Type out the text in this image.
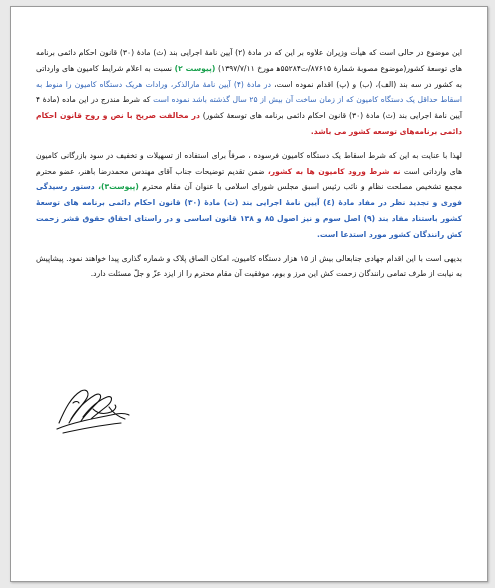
این موضوع در حالی است که هیأت وزیران علاوه بر این که در مادهٔ (۲) آیین نامهٔ اجرایی بند (ث) مادهٔ (۳۰) قانون احکام دائمی برنامه های توسعهٔ کشور(موضوع مصوبهٔ شمارهٔ ۸۷۶۱۵/ت۵۵۲۸۴ﻫ مورخ ۱۳۹۷/۷/۱۱) (پیوست ۲) نسبت به اعلام شرایط کامیون های وارداتی به کشور در سه بند (الف)، (ب) و (پ) اقدام نموده است، در مادهٔ (۴) آیین نامهٔ مارالذکر، ورادات هریک دستگاه کامیون را منوط به اسقاط حداقل یک دستگاه کامیون که از زمان ساخت آن بیش از ۲۵ سال گذشته باشد نموده است که شرط مندرج در این ماده (مادهٔ ۴ آیین نامهٔ اجرایی بند (ث) مادهٔ (۳۰) قانون احکام دائمی برنامه های توسعهٔ کشور) در مخالفت صریح با نص و روح قانون احکام دائمی برنامه‌های توسعه کشور می باشد.

لهذا با عنایت به این که شرط اسقاط یک دستگاه کامیون فرسوده ، صرفاً برای استفاده از تسهیلات و تخفیف در سود بازرگانی کامیون های وارداتی است نه شرط ورود کامیون ها به کشور، ضمن تقدیم توضیحات جناب آقای مهندس محمدرضا باهنر، عضو محترم مجمع تشخیص مصلحت نظام و نائب رئیس اسبق مجلس شورای اسلامی با عنوان آن مقام محترم (پیوست۳)، دستور رسیدگی فوری و تجدید نظر در مفاد مادهٔ (٤) آیین نامهٔ اجرایی بند (ث) مادهٔ (۳۰) قانون احکام دائمی برنامه های توسعهٔ کشور باستناد مفاد بند (۹) اصل سوم و نیز اصول ۸۵ و ۱۳۸ قانون اساسی و در راستای احقاق حقوق قشر زحمت کش رانندگان کشور مورد استدعا است.

بدیهی است با این اقدام جهادی جنابعالی بیش از ۱۵ هزار دستگاه کامیون، امکان الصاق پلاک و شماره گذاری پیدا خواهند نمود. پیشاپیش به نیابت از طرف تمامی رانندگان زحمت کش این مرز و بوم، موفقیت آن مقام محترم را از ایزد عزّ و جلّ مسئلت دارد.
